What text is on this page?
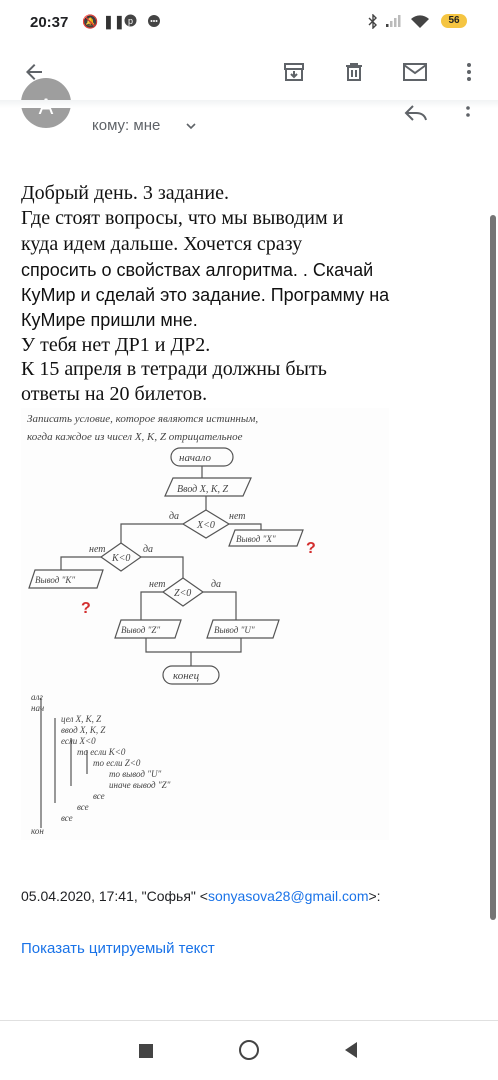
20:37 🔕 ❚❚ p	56
кому: мне
Добрый день. 3 задание.
Где стоят вопросы, что мы выводим и
куда идем дальше. Хочется сразу
спросить о свойствах алгоритма. . Скачай
КуМир и сделай это задание. Программу на
КуМире пришли мне.
У тебя нет ДР1 и ДР2.
К 15 апреля в тетради должны быть
ответы на 20 билетов.
Записать условие, которое являются истинным,
когда каждое из чисел X, K, Z отрицательное
начало
Ввод X, K, Z
X<0
да	нет
Вывод "X"
K<0
нет	да
Вывод "K"
Z<0
нет	да
Вывод "Z"	Вывод "U"
конец
?
?
алг
нач
цел X, K, Z
ввод X, K, Z
если X<0
то если K<0
то если Z<0
то вывод "U"
иначе вывод "Z"
все
все
все
кон
05.04.2020, 17:41, "Софья" <sonyasova28@gmail.com>:
Показать цитируемый текст
